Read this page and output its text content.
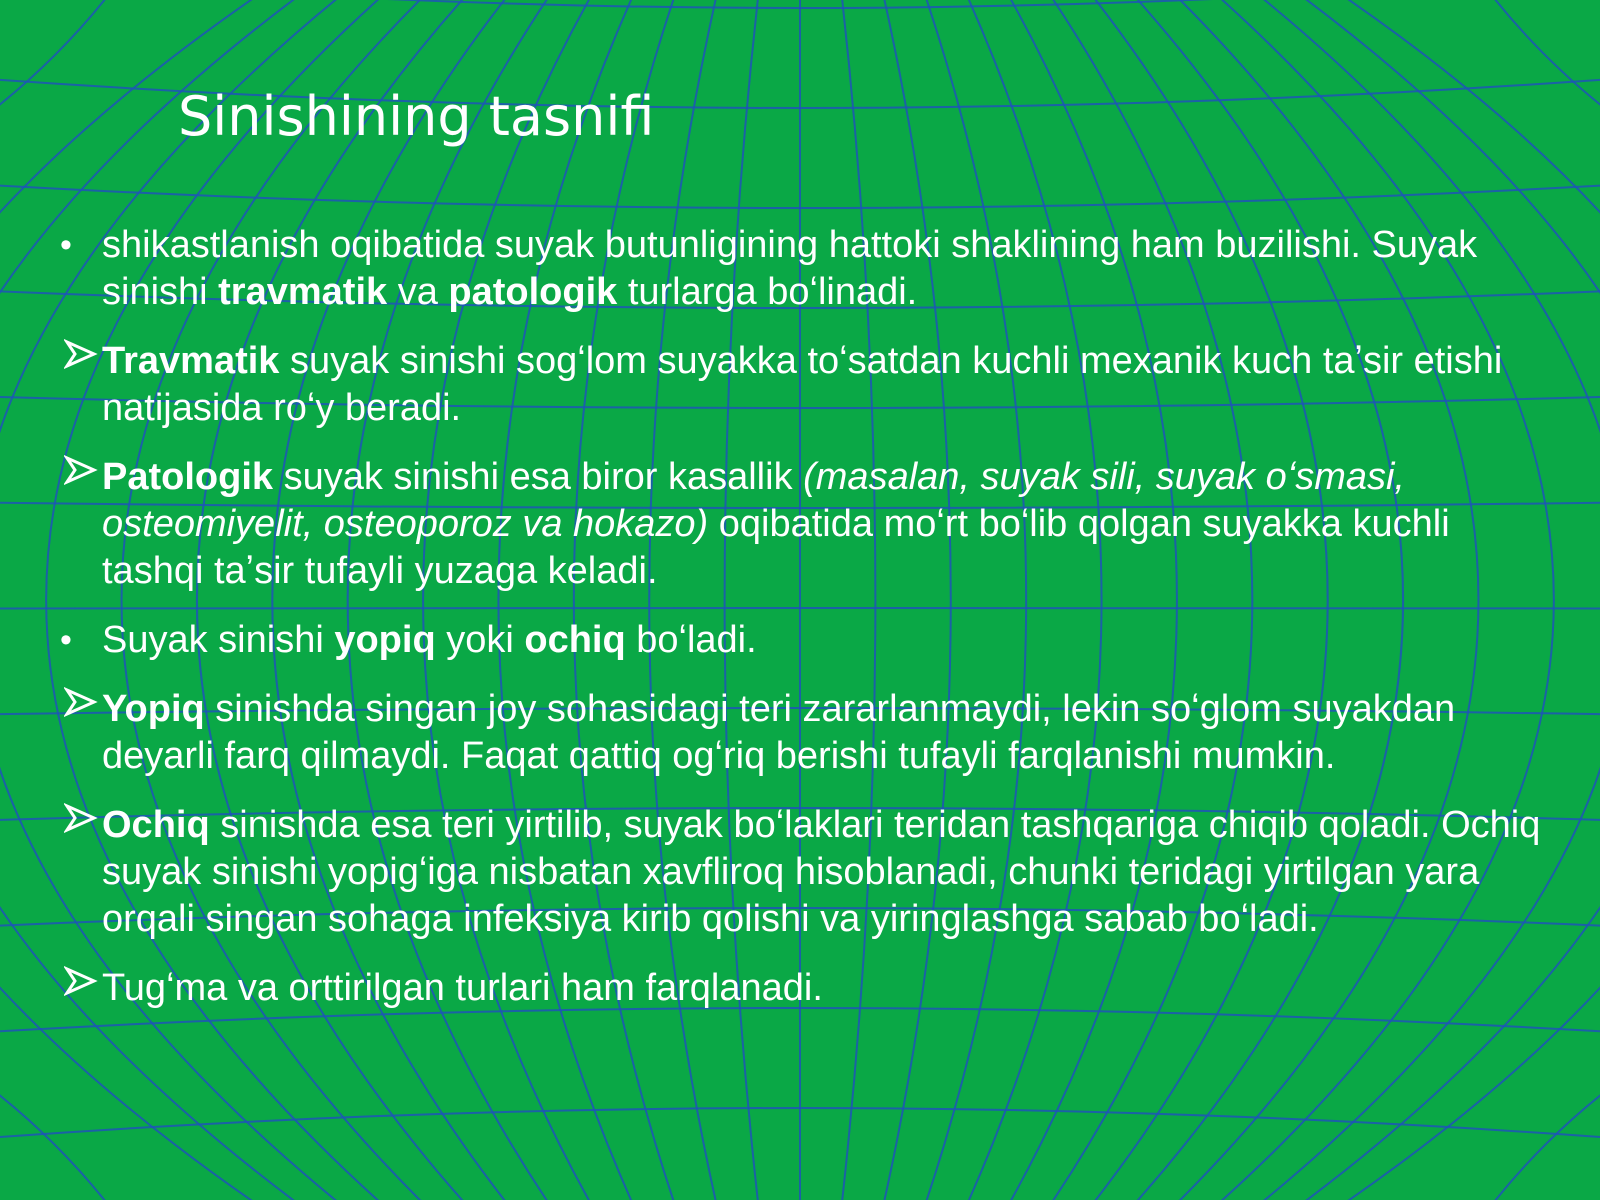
Sinishining tasnifi
• shikastlanish oqibatida suyak butunligining hattoki shaklining ham buzilishi. Suyak sinishi travmatik va patologik turlarga boʻlinadi.
Travmatik suyak sinishi sogʻlom suyakka toʻsatdan kuchli mexanik kuch taʼsir etishi natijasida roʻy beradi.
Patologik suyak sinishi esa biror kasallik (masalan, suyak sili, suyak oʻsmasi, osteomiyelit, osteoporoz va hokazo) oqibatida moʻrt boʻlib qolgan suyakka kuchli tashqi taʼsir tufayli yuzaga keladi.
• Suyak sinishi yopiq yoki ochiq boʻladi.
Yopiq sinishda singan joy sohasidagi teri zararlanmaydi, lekin soʻglom suyakdan deyarli farq qilmaydi. Faqat qattiq ogʻriq berishi tufayli farqlanishi mumkin.
Ochiq sinishda esa teri yirtilib, suyak boʻlaklari teridan tashqariga chiqib qoladi. Ochiq suyak sinishi yopigʻiga nisbatan xavfliroq hisoblanadi, chunki teridagi yirtilgan yara orqali singan sohaga infeksiya kirib qolishi va yiringlashga sabab boʻladi.
Tugʻma va orttirilgan turlari ham farqlanadi.
